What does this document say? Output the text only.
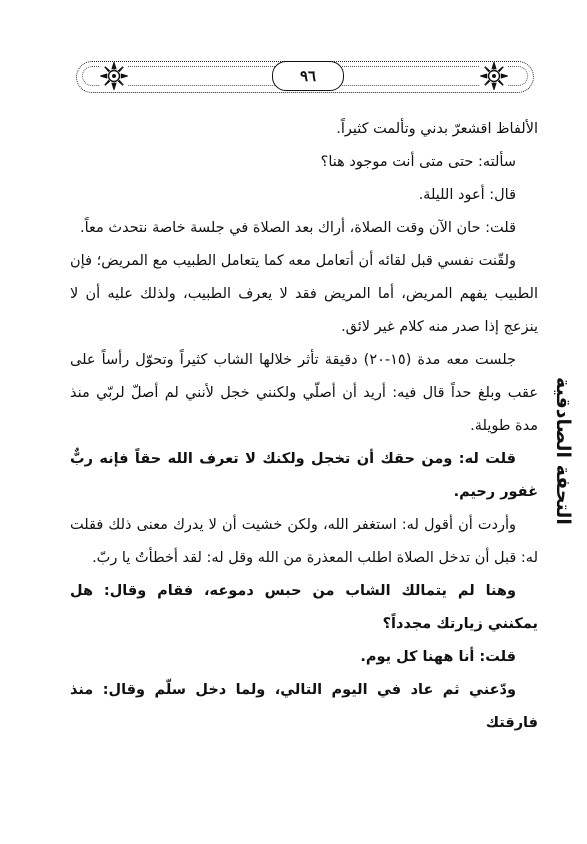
٩٦
التحفة الصادقية

الألفاظ اقشعرّ بدني وتألمت كثيراً.

سألته: حتى متى أنت موجود هنا؟

قال: أعود الليلة.

قلت: حان الآن وقت الصلاة، أراك بعد الصلاة في جلسة خاصة نتحدث معاً.

ولقّنت نفسي قبل لقائه أن أتعامل معه كما يتعامل الطبيب مع المريض؛ فإن الطبيب يفهم المريض، أما المريض فقد لا يعرف الطبيب، ولذلك عليه أن لا ينزعج إذا صدر منه كلام غير لائق.

جلست معه مدة (١٥-٢٠) دقيقة تأثر خلالها الشاب كثيراً وتحوّل رأساً على عقب وبلغ حداً قال فيه: أريد أن أصلّي ولكنني خجل لأنني لم أصلّ لربّي منذ مدة طويلة.

قلت له: ومن حقك أن تخجل ولكنك لا تعرف الله حقاً فإنه ربٌّ غفور رحيم.

وأردت أن أقول له: استغفر الله، ولكن خشيت أن لا يدرك معنى ذلك فقلت له: قبل أن تدخل الصلاة اطلب المعذرة من الله وقل له: لقد أخطأتُ يا ربّ.

وهنا لم يتمالك الشاب من حبس دموعه، فقام وقال: هل يمكنني زيارتك مجدداً؟

قلت: أنا ههنا كل يوم.

ودّعني ثم عاد في اليوم التالي، ولما دخل سلّم وقال: منذ فارقتك
